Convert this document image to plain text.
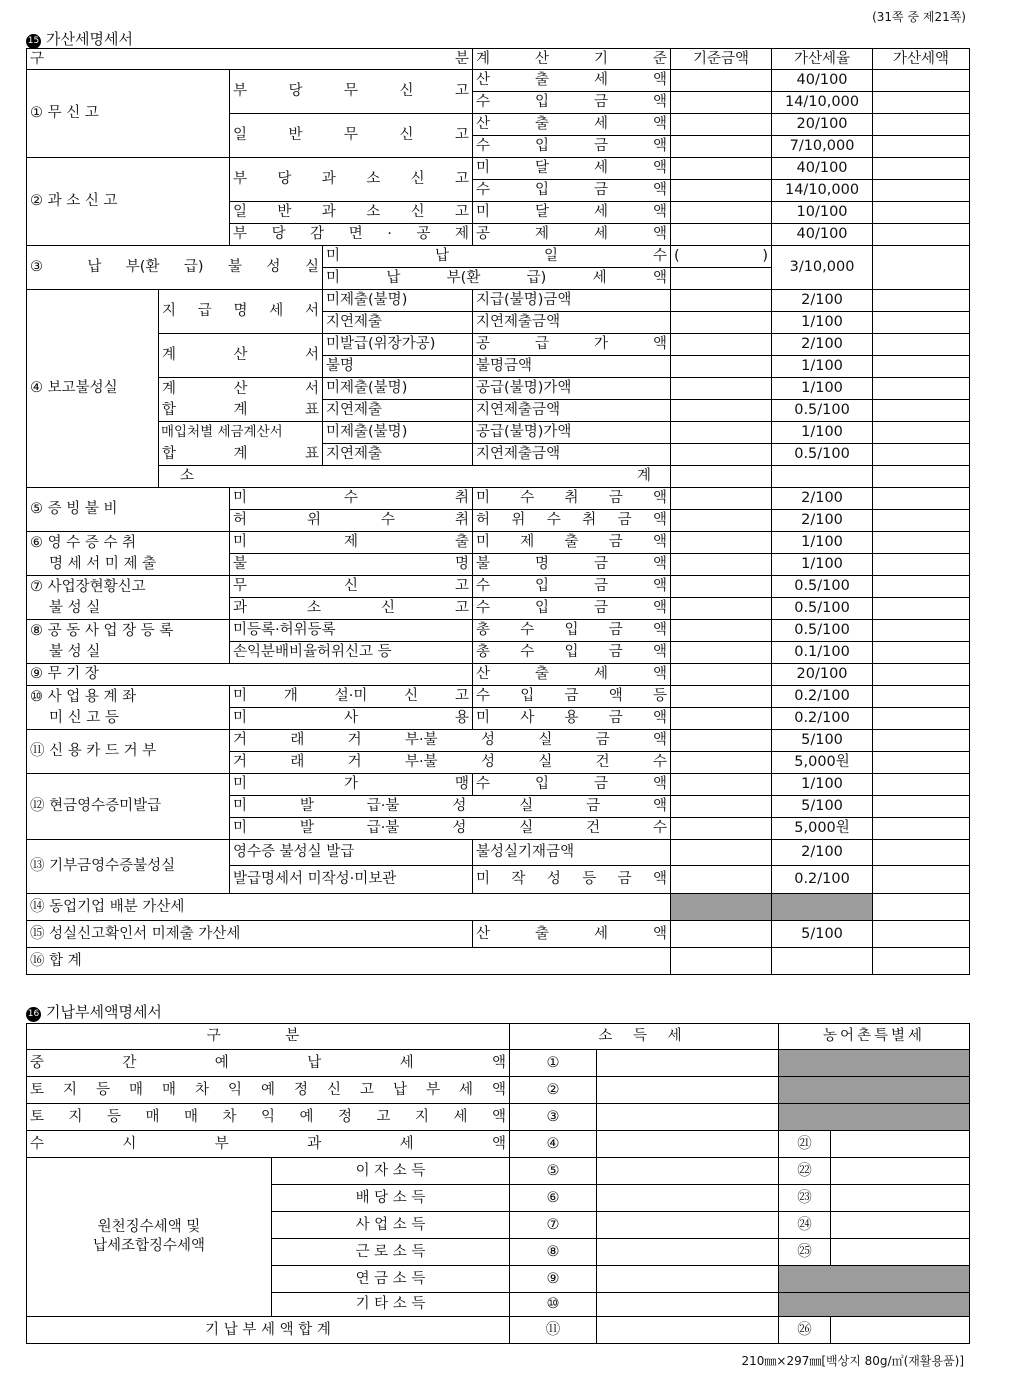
(31쪽 중 제21쪽)
15 가산세명세서
구 분				계 산 기 준	기준금액	가산세율	가산세액
① 무 신 고		부 당 무 신 고		산 출 세 액		40/100	
				수 입 금 액		14/10,000	
		일 반 무 신 고		산 출 세 액		20/100	
				수 입 금 액		7/10,000	
② 과 소 신 고		부 당 과 소 신 고		미 달 세 액		40/100	
				수 입 금 액		14/10,000	
		일 반 과 소 신 고		미 달 세 액		10/100	
		부 당 감 면 · 공 제		공 제 세 액		40/100	
③ 납 부(환 급) 불 성 실			미 납 일 수		( )	3/10,000	
			미 납 부(환 급) 세 액				
④ 보고불성실	지 급 명 세 서		미제출(불명)	지급(불명)금액		2/100	
			지연제출	지연제출금액		1/100	
	계 산 서		미발급(위장가공)	공 급 가 액		2/100	
			불명	불명금액		1/100	
	계 산 서		미제출(불명)	공급(불명)가액		1/100	
	합 계 표		지연제출	지연제출금액		0.5/100	
	매입처별 세금계산서		미제출(불명)	공급(불명)가액		1/100	
	합 계 표		지연제출	지연제출금액		0.5/100	

	소 계						

⑤ 증 빙 불 비		미 수 취		미 수 취 금 액		2/100	
		허 위 수 취		허 위 수 취 금 액		2/100	
⑥ 영 수 증 수 취		미 제 출		미 제 출 금 액		1/100	
명 세 서 미 제 출		불 명		불 명 금 액		1/100	
⑦ 사업장현황신고		무 신 고		수 입 금 액		0.5/100	
불 성 실		과 소 신 고		수 입 금 액		0.5/100	
⑧ 공 동 사 업 장 등 록		미등록·허위등록		총 수 입 금 액		0.5/100	
불 성 실		손익분배비율허위신고 등		총 수 입 금 액		0.1/100	
⑨ 무 기 장				산 출 세 액		20/100	
⑩ 사 업 용 계 좌		미 개 설·미 신 고		수 입 금 액 등		0.2/100	
미 신 고 등		미 사 용		미 사 용 금 액		0.2/100	
⑪ 신 용 카 드 거 부		거 래 거 부·불 성 실 금 액				5/100	
		거 래 거 부·불 성 실 건 수				5,000원	
⑫ 현금영수증미발급		미 가 맹		수 입 금 액		1/100	
		미 발 급·불 성 실 금 액				5/100	
		미 발 급·불 성 실 건 수				5,000원	
⑬ 기부금영수증불성실		영수증 불성실 발급		불성실기재금액		2/100	
		발급명세서 미작성·미보관		미 작 성 등 금 액		0.2/100	
⑭ 동업기업 배분 가산세							
⑮ 성실신고확인서 미제출 가산세				산 출 세 액		5/100	
⑯ 합 계							
16 기납부세액명세서
구 분		소 득 세		농어촌특별세	
중 간 예 납 세 액		①			
토 지 등 매 매 차 익 예 정 신 고 납 부 세 액		②			
토 지 등 매 매 차 익 예 정 고 지 세 액		③			
수 시 부 과 세 액		④		㉑	
원천징수세액 및
납세조합징수세액	이 자 소 득	⑤		㉒	
	배 당 소 득	⑥		㉓	
	사 업 소 득	⑦		㉔	
	근 로 소 득	⑧		㉕	
	연 금 소 득	⑨			
	기 타 소 득	⑩			
기 납 부 세 액 합 계		⑪		㉖	
210㎜×297㎜[백상지 80g/㎡(재활용품)]
